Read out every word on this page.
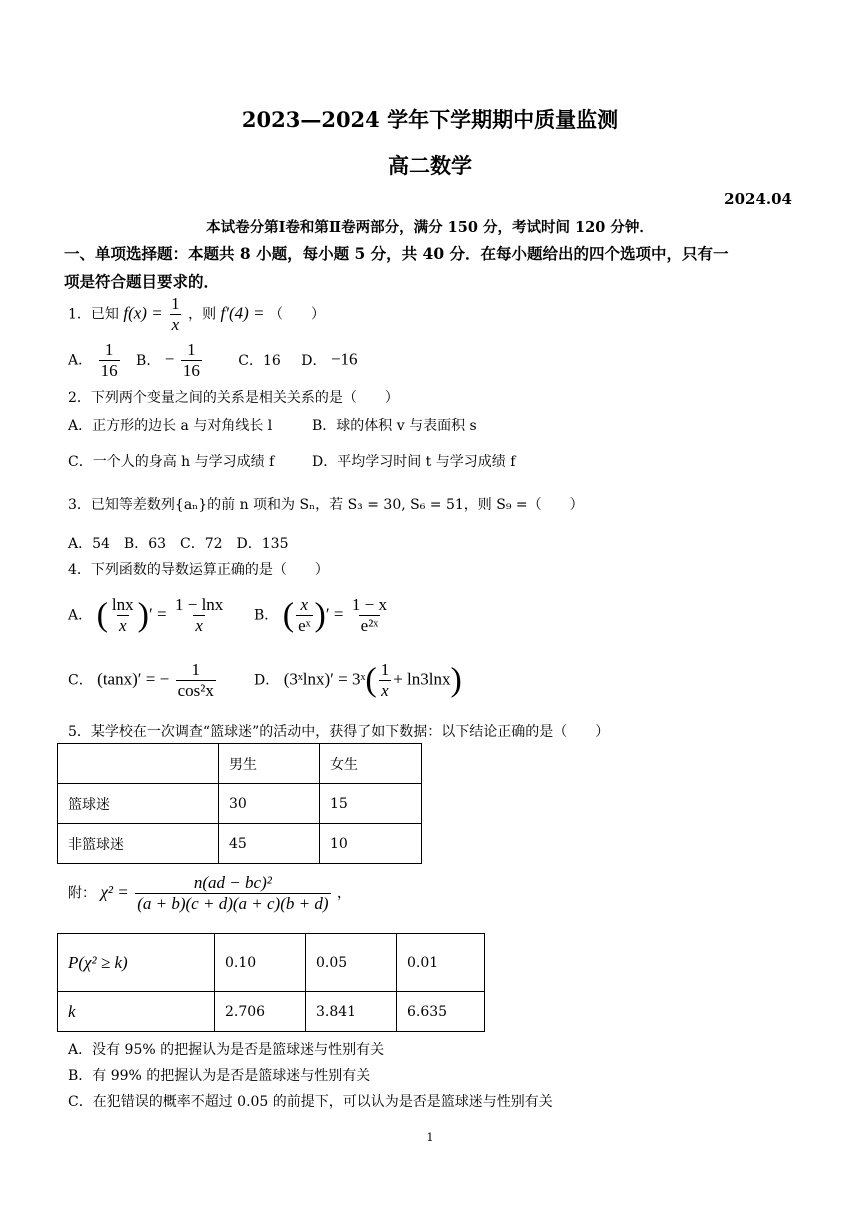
2023—2024 学年下学期期中质量监测
高二数学
2024.04
本试卷分第Ⅰ卷和第Ⅱ卷两部分，满分 150 分，考试时间 120 分钟．
一、单项选择题：本题共 8 小题，每小题 5 分，共 40 分．在每小题给出的四个选项中，只有一
项是符合题目要求的．
1．已知 $f(x) = \frac{1}{x}$ ，则 f′(4) = （　　）
A． $\frac{1}{16}$ B． − $\frac{1}{16}$	C．16 D． −16
2．下列两个变量之间的关系是相关关系的是（　　）
A．正方形的边长 a 与对角线长 l	B．球的体积 v 与表面积 s
C．一个人的身高 h 与学习成绩 f	D．平均学习时间 t 与学习成绩 f
3．已知等差数列{aₙ}的前 n 项和为 Sₙ，若 S₃ = 30, S₆ = 51，则 S₉ =（　　）
A．54　B．63　C．72　D．135
4．下列函数的导数运算正确的是（　　）
A． ( $\frac{\ln x}{x}$ )′ = $\frac{1 - \ln x}{x}$ B． ( $\frac{x}{\text{eˣ}}$ )′ = $\frac{1 - x}{\text{e²ˣ}}$
C． (tanx)′ = − $\frac{1}{\text{cos²x}}$	D． (3ˣlnx)′ = 3ˣ( $\frac{1}{x} + \ln 3\ln x$)
5．某学校在一次调查“篮球迷”的活动中，获得了如下数据：以下结论正确的是（　　）
	男生	女生
篮球迷	30	15
非篮球迷	45	10
附： $\chi^2 = \frac{\text{n(ad − bc)²}}{(a + b)(c + d)(a + c)(b + d)}$ ，
P(χ² ≥ k)	0.10	0.05	0.01
k	2.706	3.841	6.635
A．没有 95% 的把握认为是否是篮球迷与性别有关
B．有 99% 的把握认为是否是篮球迷与性别有关
C．在犯错误的概率不超过 0.05 的前提下，可以认为是否是篮球迷与性别有关
1
